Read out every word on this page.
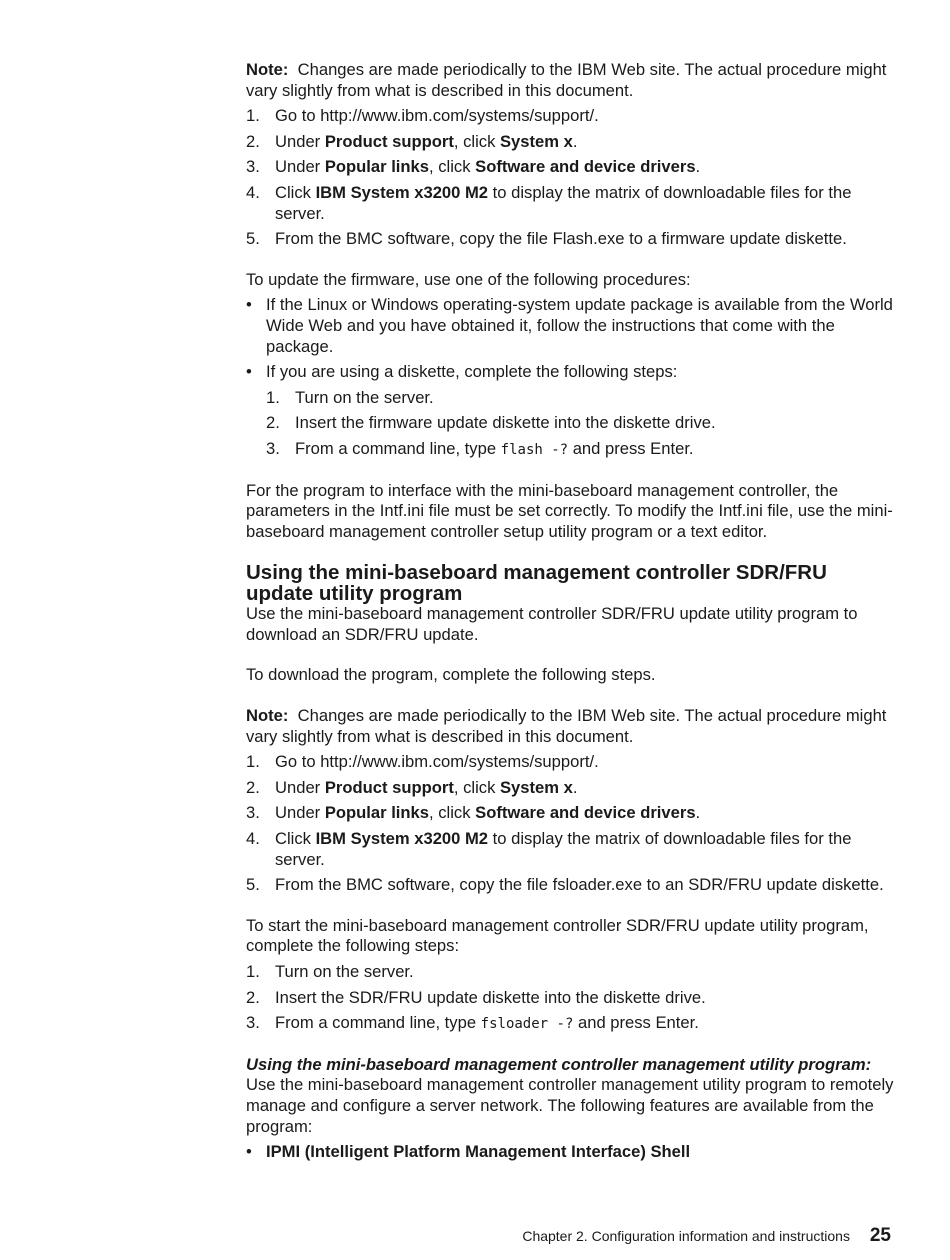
Note: Changes are made periodically to the IBM Web site. The actual procedure might vary slightly from what is described in this document.

1. Go to http://www.ibm.com/systems/support/.
2. Under Product support, click System x.
3. Under Popular links, click Software and device drivers.
4. Click IBM System x3200 M2 to display the matrix of downloadable files for the server.
5. From the BMC software, copy the file Flash.exe to a firmware update diskette.

To update the firmware, use one of the following procedures:

• If the Linux or Windows operating-system update package is available from the World Wide Web and you have obtained it, follow the instructions that come with the package.
• If you are using a diskette, complete the following steps:
1. Turn on the server.
2. Insert the firmware update diskette into the diskette drive.
3. From a command line, type flash -? and press Enter.

For the program to interface with the mini-baseboard management controller, the parameters in the Intf.ini file must be set correctly. To modify the Intf.ini file, use the mini-baseboard management controller setup utility program or a text editor.

Using the mini-baseboard management controller SDR/FRU update utility program

Use the mini-baseboard management controller SDR/FRU update utility program to download an SDR/FRU update.

To download the program, complete the following steps.

Note: Changes are made periodically to the IBM Web site. The actual procedure might vary slightly from what is described in this document.

1. Go to http://www.ibm.com/systems/support/.
2. Under Product support, click System x.
3. Under Popular links, click Software and device drivers.
4. Click IBM System x3200 M2 to display the matrix of downloadable files for the server.
5. From the BMC software, copy the file fsloader.exe to an SDR/FRU update diskette.

To start the mini-baseboard management controller SDR/FRU update utility program, complete the following steps:

1. Turn on the server.
2. Insert the SDR/FRU update diskette into the diskette drive.
3. From a command line, type fsloader -? and press Enter.

Using the mini-baseboard management controller management utility program:  Use the mini-baseboard management controller management utility program to remotely manage and configure a server network. The following features are available from the program:

• IPMI (Intelligent Platform Management Interface) Shell
Chapter 2. Configuration information and instructions 25
